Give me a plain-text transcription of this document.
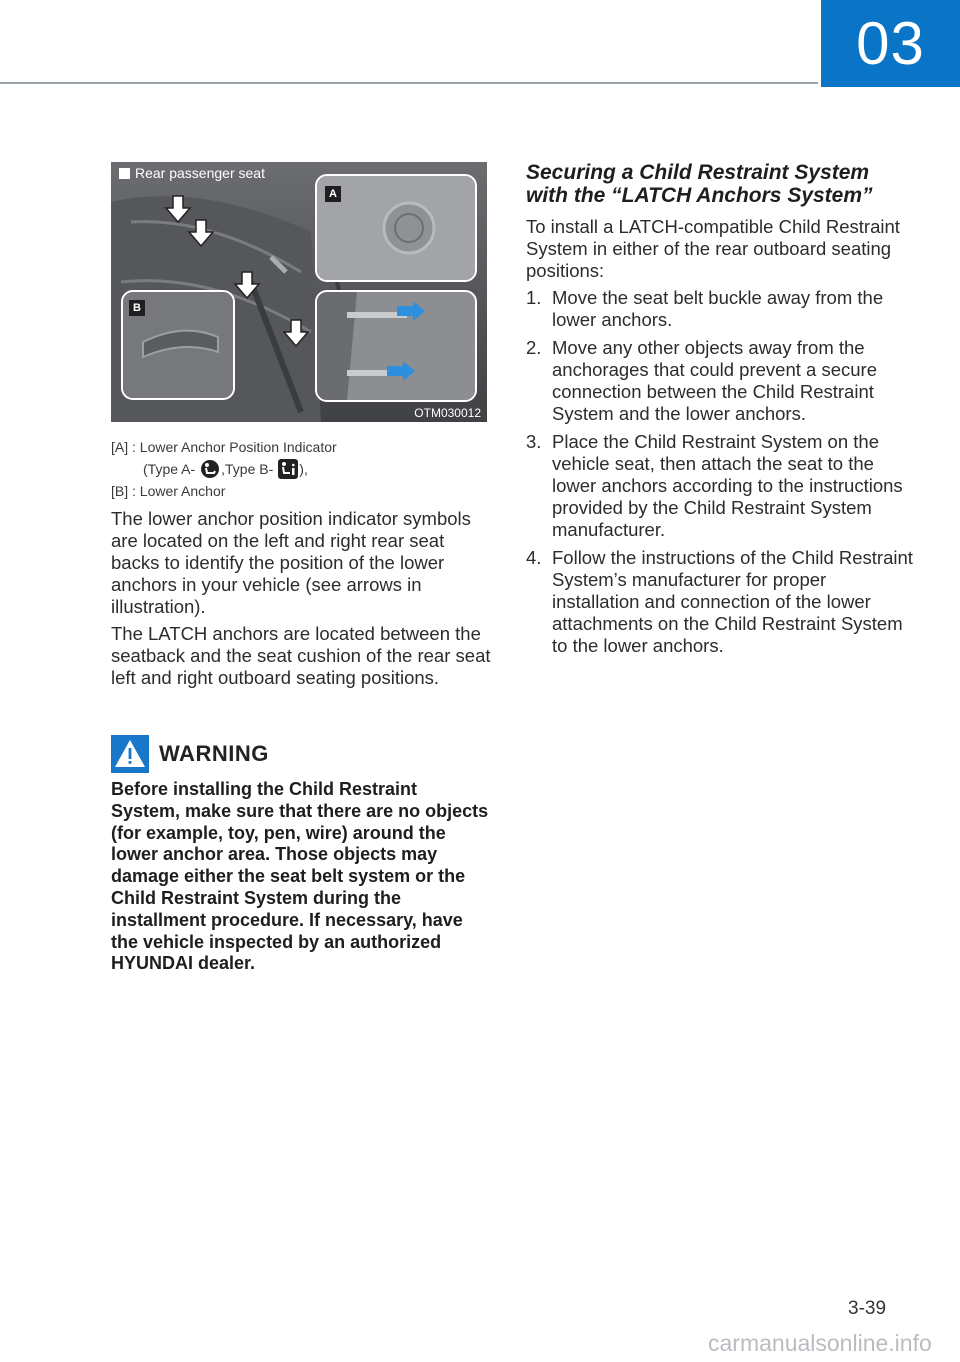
03
A
B
Rear passenger seat
OTM030012
[A] : Lower Anchor Position Indicator
(Type A- ,Type B- ),
[B] : Lower Anchor

The lower anchor position indicator symbols are located on the left and right rear seat backs to identify the position of the lower anchors in your vehicle (see arrows in illustration).

The LATCH anchors are located between the seatback and the seat cushion of the rear seat left and right outboard seating positions.

WARNING

Before installing the Child Restraint System, make sure that there are no objects (for example, toy, pen, wire) around the lower anchor area. Those objects may damage either the seat belt system or the Child Restraint System during the installment procedure. If necessary, have the vehicle inspected by an authorized HYUNDAI dealer.

Securing a Child Restraint System with the “LATCH Anchors System”

To install a LATCH-compatible Child Restraint System in either of the rear outboard seating positions:

1. Move the seat belt buckle away from the lower anchors.
2. Move any other objects away from the anchorages that could prevent a secure connection between the Child Restraint System and the lower anchors.
3. Place the Child Restraint System on the vehicle seat, then attach the seat to the lower anchors according to the instructions provided by the Child Restraint System manufacturer.
4. Follow the instructions of the Child Restraint System’s manufacturer for proper installation and connection of the lower attachments on the Child Restraint System to the lower anchors.
3-39
carmanualsonline.info
